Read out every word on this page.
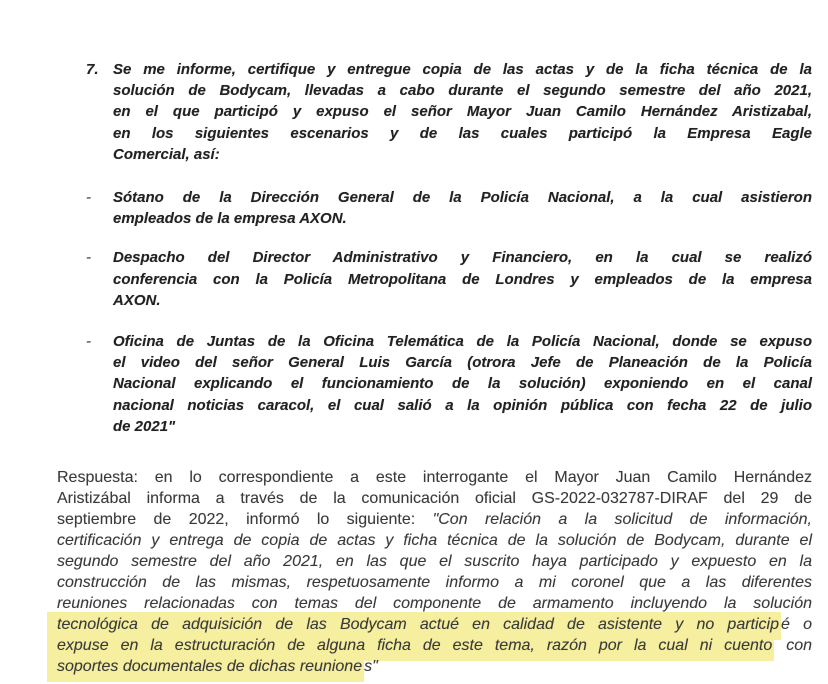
7. Se me informe, certifique y entregue copia de las actas y de la ficha técnica de la
solución de Bodycam, llevadas a cabo durante el segundo semestre del año 2021,
en el que participó y expuso el señor Mayor Juan Camilo Hernández Aristizabal,
en los siguientes escenarios y de las cuales participó la Empresa Eagle
Comercial, así:
-	Sótano de la Dirección General de la Policía Nacional, a la cual asistieron
empleados de la empresa AXON.
-	Despacho del Director Administrativo y Financiero, en la cual se realizó
conferencia con la Policía Metropolitana de Londres y empleados de la empresa
AXON.
-	Oficina de Juntas de la Oficina Telemática de la Policía Nacional, donde se expuso
el video del señor General Luis García (otrora Jefe de Planeación de la Policía
Nacional explicando el funcionamiento de la solución) exponiendo en el canal
nacional noticias caracol, el cual salió a la opinión pública con fecha 22 de julio
de 2021"
Respuesta: en lo correspondiente a este interrogante el Mayor Juan Camilo Hernández
Aristizábal informa a través de la comunicación oficial GS-2022-032787-DIRAF del 29 de
septiembre de 2022, informó lo siguiente: "Con relación a la solicitud de información,
certificación y entrega de copia de actas y ficha técnica de la solución de Bodycam, durante el
segundo semestre del año 2021, en las que el suscrito haya participado y expuesto en la
construcción de las mismas, respetuosamente informo a mi coronel que a las diferentes
reuniones relacionadas con temas del componente de armamento incluyendo la solución
tecnológica de adquisición de las Bodycam actué en calidad de asistente y no particip é o
expuse en la estructuración de alguna ficha de este tema, razón por la cual ni cuento con
soportes documentales de dichas reunione s"
